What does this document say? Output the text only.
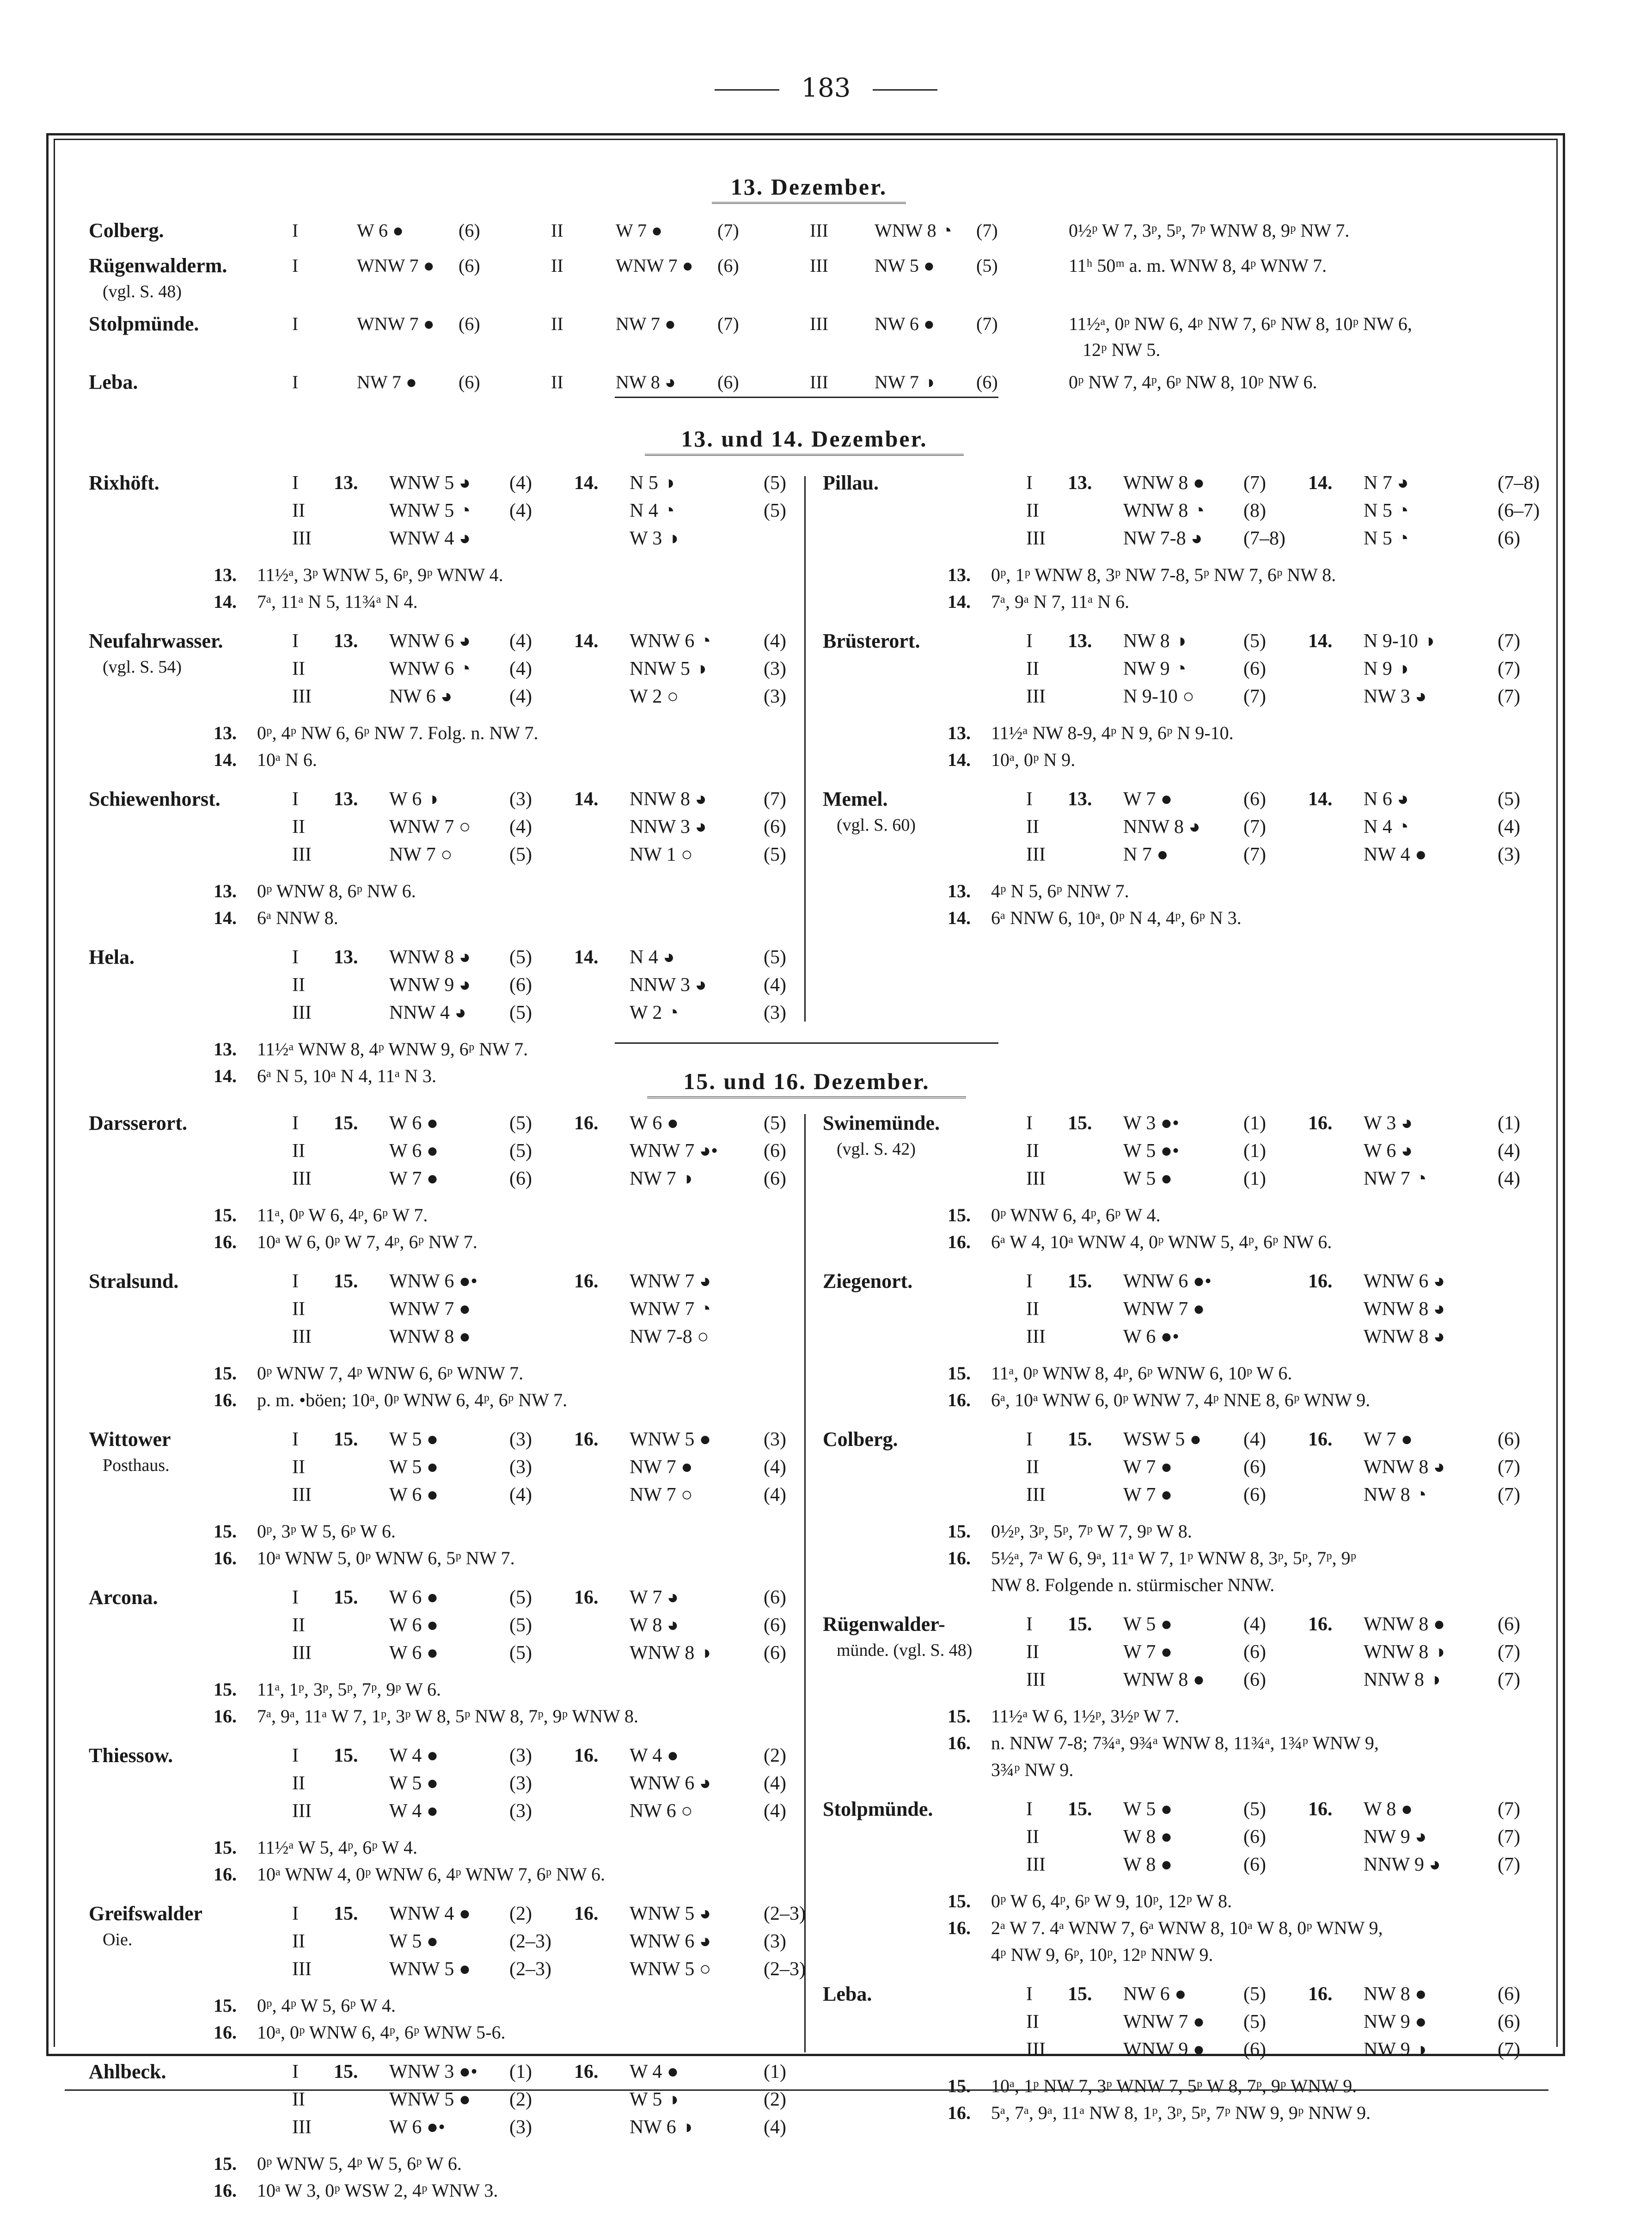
183
13. Dezember.
Colberg.	I	W 6 ●	(6)	II	W 7 ●	(7)	III	WNW 8 ◔	(7)	0½ᵖ W 7, 3ᵖ, 5ᵖ, 7ᵖ WNW 8, 9ᵖ NW 7.
Rügenwalderm.	I	WNW 7 ●	(6)	II	WNW 7 ●	(6)	III	NW 5 ●	(5)	11ʰ 50ᵐ a. m. WNW 8, 4ᵖ WNW 7.
(vgl. S. 48)
Stolpmünde.	I	WNW 7 ●	(6)	II	NW 7 ●	(7)	III	NW 6 ●	(7)	11½ᵃ, 0ᵖ NW 6, 4ᵖ NW 7, 6ᵖ NW 8, 10ᵖ NW 6,
12ᵖ NW 5.
Leba.	I	NW 7 ●	(6)	II	NW 8 ◕	(6)	III	NW 7 ◑	(6)	0ᵖ NW 7, 4ᵖ, 6ᵖ NW 8, 10ᵖ NW 6.
13. und 14. Dezember.
Rixhöft.	I	13.	WNW 5 ◕	(4)	14.	N 5 ◑	(5)
II	WNW 5 ◔	(4)	N 4 ◔	(5)
III	WNW 4 ◕	W 3 ◑
13. 11½ᵃ, 3ᵖ WNW 5, 6ᵖ, 9ᵖ WNW 4.
14. 7ᵃ, 11ᵃ N 5, 11¾ᵃ N 4.
Neufahrwasser.
(vgl. S. 54)
I	13.	WNW 6 ◕	(4)	14.	WNW 6 ◔	(4)
II	WNW 6 ◔	(4)	NNW 5 ◑	(3)
III	NW 6 ◕	(4)	W 2 ○	(3)
13. 0ᵖ, 4ᵖ NW 6, 6ᵖ NW 7. Folg. n. NW 7.
14. 10ᵃ N 6.
Schiewenhorst.	I	13.	W 6 ◑	(3)	14.	NNW 8 ◕	(7)
II	WNW 7 ○	(4)	NNW 3 ◕	(6)
III	NW 7 ○	(5)	NW 1 ○	(5)
13. 0ᵖ WNW 8, 6ᵖ NW 6.
14. 6ᵃ NNW 8.
Hela.	I	13.	WNW 8 ◕	(5)	14.	N 4 ◕	(5)
II	WNW 9 ◕	(6)	NNW 3 ◕	(4)
III	NNW 4 ◕	(5)	W 2 ◔	(3)
13. 11½ᵃ WNW 8, 4ᵖ WNW 9, 6ᵖ NW 7.
14. 6ᵃ N 5, 10ᵃ N 4, 11ᵃ N 3.
Pillau.	I	13.	WNW 8 ●	(7)	14.	N 7 ◕	(7–8)
II	WNW 8 ◔	(8)	N 5 ◔	(6–7)
III	NW 7-8 ◕	(7–8)	N 5 ◔	(6)
13. 0ᵖ, 1ᵖ WNW 8, 3ᵖ NW 7-8, 5ᵖ NW 7, 6ᵖ NW 8.
14. 7ᵃ, 9ᵃ N 7, 11ᵃ N 6.
Brüsterort.	I	13.	NW 8 ◑	(5)	14.	N 9-10 ◑	(7)
II	NW 9 ◔	(6)	N 9 ◑	(7)
III	N 9-10 ○	(7)	NW 3 ◕	(7)
13. 11½ᵃ NW 8-9, 4ᵖ N 9, 6ᵖ N 9-10.
14. 10ᵃ, 0ᵖ N 9.
Memel.
(vgl. S. 60)
I	13.	W 7 ●	(6)	14.	N 6 ◕	(5)
II	NNW 8 ◕	(7)	N 4 ◔	(4)
III	N 7 ●	(7)	NW 4 ●	(3)
13. 4ᵖ N 5, 6ᵖ NNW 7.
14. 6ᵃ NNW 6, 10ᵃ, 0ᵖ N 4, 4ᵖ, 6ᵖ N 3.
15. und 16. Dezember.
Darsserort.	I	15.	W 6 ●	(5)	16.	W 6 ●	(5)
II	W 6 ●	(5)	WNW 7 ◕•	(6)
III	W 7 ●	(6)	NW 7 ◑	(6)
15. 11ᵃ, 0ᵖ W 6, 4ᵖ, 6ᵖ W 7.
16. 10ᵃ W 6, 0ᵖ W 7, 4ᵖ, 6ᵖ NW 7.
Stralsund.	I	15.	WNW 6 ●•	16.	WNW 7 ◕
II	WNW 7 ●	WNW 7 ◔
III	WNW 8 ●	NW 7-8 ○
15. 0ᵖ WNW 7, 4ᵖ WNW 6, 6ᵖ WNW 7.
16. p. m. •böen; 10ᵃ, 0ᵖ WNW 6, 4ᵖ, 6ᵖ NW 7.
Wittower
Posthaus.
I	15.	W 5 ●	(3)	16.	WNW 5 ●	(3)
II	W 5 ●	(3)	NW 7 ●	(4)
III	W 6 ●	(4)	NW 7 ○	(4)
15. 0ᵖ, 3ᵖ W 5, 6ᵖ W 6.
16. 10ᵃ WNW 5, 0ᵖ WNW 6, 5ᵖ NW 7.
Arcona.	I	15.	W 6 ●	(5)	16.	W 7 ◕	(6)
II	W 6 ●	(5)	W 8 ◕	(6)
III	W 6 ●	(5)	WNW 8 ◑	(6)
15. 11ᵃ, 1ᵖ, 3ᵖ, 5ᵖ, 7ᵖ, 9ᵖ W 6.
16. 7ᵃ, 9ᵃ, 11ᵃ W 7, 1ᵖ, 3ᵖ W 8, 5ᵖ NW 8, 7ᵖ, 9ᵖ WNW 8.
Thiessow.	I	15.	W 4 ●	(3)	16.	W 4 ●	(2)
II	W 5 ●	(3)	WNW 6 ◕	(4)
III	W 4 ●	(3)	NW 6 ○	(4)
15. 11½ᵃ W 5, 4ᵖ, 6ᵖ W 4.
16. 10ᵃ WNW 4, 0ᵖ WNW 6, 4ᵖ WNW 7, 6ᵖ NW 6.
Greifswalder
Oie.
I	15.	WNW 4 ●	(2)	16.	WNW 5 ◕	(2–3)
II	W 5 ●	(2–3)	WNW 6 ◕	(3)
III	WNW 5 ●	(2–3)	WNW 5 ○	(2–3)
15. 0ᵖ, 4ᵖ W 5, 6ᵖ W 4.
16. 10ᵃ, 0ᵖ WNW 6, 4ᵖ, 6ᵖ WNW 5-6.
Ahlbeck.	I	15.	WNW 3 ●•	(1)	16.	W 4 ●	(1)
II	WNW 5 ●	(2)	W 5 ◑	(2)
III	W 6 ●•	(3)	NW 6 ◑	(4)
15. 0ᵖ WNW 5, 4ᵖ W 5, 6ᵖ W 6.
16. 10ᵃ W 3, 0ᵖ WSW 2, 4ᵖ WNW 3.
Swinemünde.
(vgl. S. 42)
I	15.	W 3 ●•	(1)	16.	W 3 ◕	(1)
II	W 5 ●•	(1)	W 6 ◕	(4)
III	W 5 ●	(1)	NW 7 ◔	(4)
15. 0ᵖ WNW 6, 4ᵖ, 6ᵖ W 4.
16. 6ᵃ W 4, 10ᵃ WNW 4, 0ᵖ WNW 5, 4ᵖ, 6ᵖ NW 6.
Ziegenort.	I	15.	WNW 6 ●•	16.	WNW 6 ◕
II	WNW 7 ●	WNW 8 ◕
III	W 6 ●•	WNW 8 ◕
15. 11ᵃ, 0ᵖ WNW 8, 4ᵖ, 6ᵖ WNW 6, 10ᵖ W 6.
16. 6ᵃ, 10ᵃ WNW 6, 0ᵖ WNW 7, 4ᵖ NNE 8, 6ᵖ WNW 9.
Colberg.	I	15.	WSW 5 ●	(4)	16.	W 7 ●	(6)
II	W 7 ●	(6)	WNW 8 ◕	(7)
III	W 7 ●	(6)	NW 8 ◔	(7)
15. 0½ᵖ, 3ᵖ, 5ᵖ, 7ᵖ W 7, 9ᵖ W 8.
16. 5½ᵃ, 7ᵃ W 6, 9ᵃ, 11ᵃ W 7, 1ᵖ WNW 8, 3ᵖ, 5ᵖ, 7ᵖ, 9ᵖ
NW 8. Folgende n. stürmischer NNW.
Rügenwalder-
münde. (vgl. S. 48)
I	15.	W 5 ●	(4)	16.	WNW 8 ●	(6)
II	W 7 ●	(6)	WNW 8 ◑	(7)
III	WNW 8 ●	(6)	NNW 8 ◑	(7)
15. 11½ᵃ W 6, 1½ᵖ, 3½ᵖ W 7.
16. n. NNW 7-8; 7¾ᵃ, 9¾ᵃ WNW 8, 11¾ᵃ, 1¾ᵖ WNW 9,
3¾ᵖ NW 9.
Stolpmünde.	I	15.	W 5 ●	(5)	16.	W 8 ●	(7)
II	W 8 ●	(6)	NW 9 ◕	(7)
III	W 8 ●	(6)	NNW 9 ◕	(7)
15. 0ᵖ W 6, 4ᵖ, 6ᵖ W 9, 10ᵖ, 12ᵖ W 8.
16. 2ᵃ W 7. 4ᵃ WNW 7, 6ᵃ WNW 8, 10ᵃ W 8, 0ᵖ WNW 9,
4ᵖ NW 9, 6ᵖ, 10ᵖ, 12ᵖ NNW 9.
Leba.	I	15.	NW 6 ●	(5)	16.	NW 8 ●	(6)
II	WNW 7 ●	(5)	NW 9 ●	(6)
III	WNW 9 ●	(6)	NW 9 ◑	(7)
15. 10ᵃ, 1ᵖ NW 7, 3ᵖ WNW 7, 5ᵖ W 8, 7ᵖ, 9ᵖ WNW 9.
16. 5ᵃ, 7ᵃ, 9ᵃ, 11ᵃ NW 8, 1ᵖ, 3ᵖ, 5ᵖ, 7ᵖ NW 9, 9ᵖ NNW 9.
